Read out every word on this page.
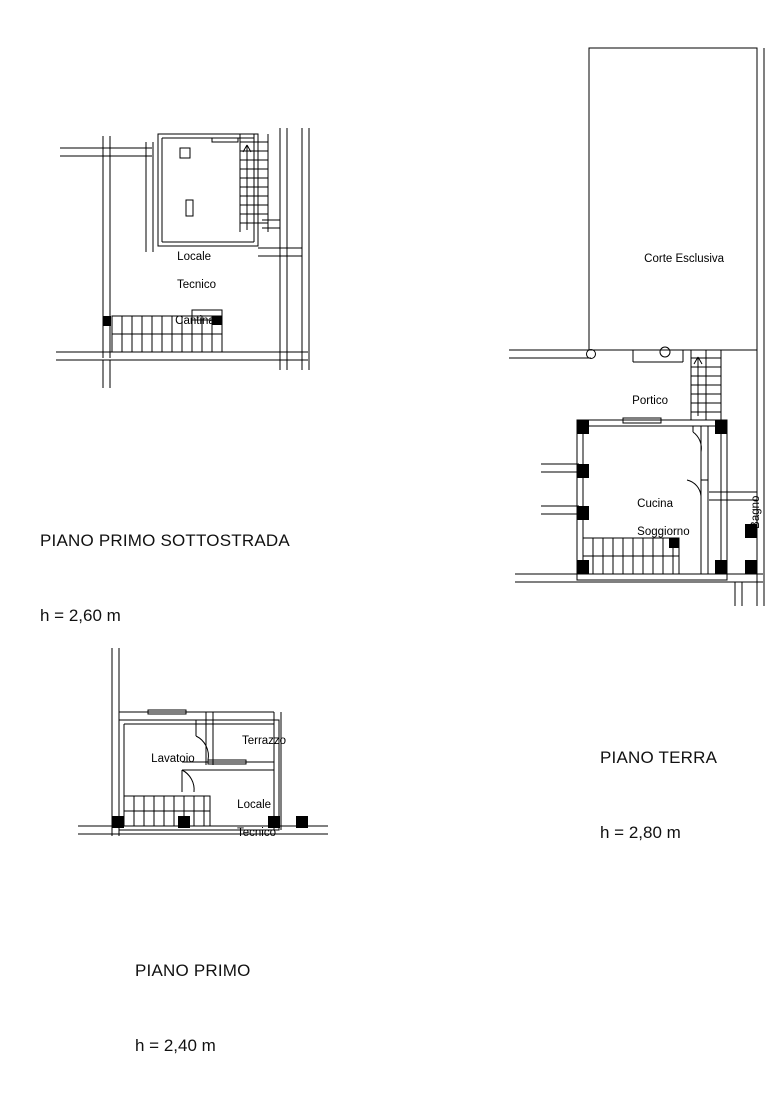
Locale

Tecnico

Cantina

PIANO PRIMO SOTTOSTRADA

h = 2,60 m

Corte Esclusiva

Portico

Cucina

Soggiorno

Bagno

PIANO TERRA

h = 2,80 m

Lavatoio

Terrazzo

Locale

Tecnico

PIANO PRIMO

h = 2,40 m
